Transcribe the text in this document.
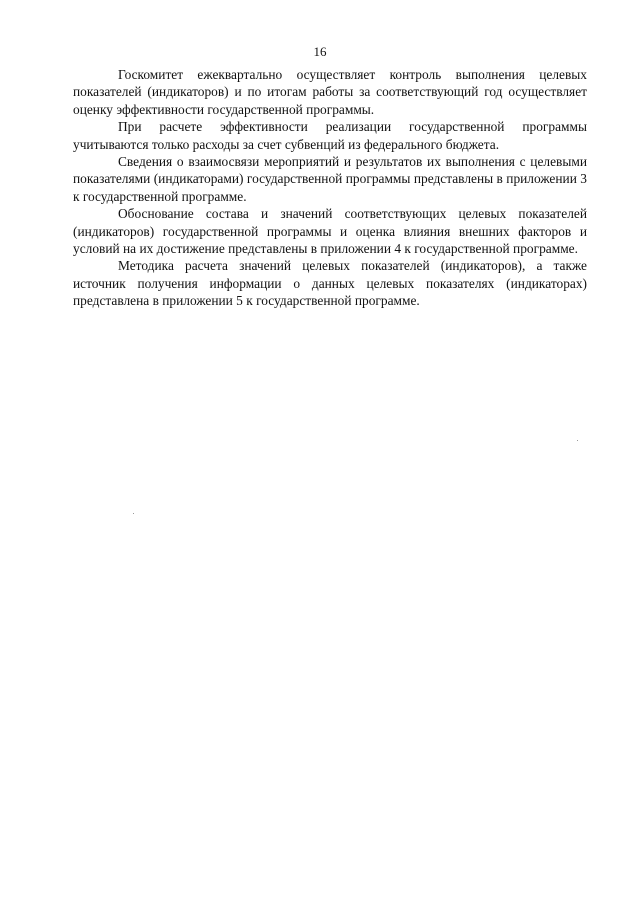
16

Госкомитет ежеквартально осуществляет контроль выполнения целевых показателей (индикаторов) и по итогам работы за соответствующий год осуществляет оценку эффективности государственной программы.

При расчете эффективности реализации государственной программы учитываются только расходы за счет субвенций из федерального бюджета.

Сведения о взаимосвязи мероприятий и результатов их выполнения с целевыми показателями (индикаторами) государственной программы представлены в приложении 3 к государственной программе.

Обоснование состава и значений соответствующих целевых показателей (индикаторов) государственной программы и оценка влияния внешних факторов и условий на их достижение представлены в приложении 4 к государственной программе.

Методика расчета значений целевых показателей (индикаторов), а также источник получения информации о данных целевых показателях (индикаторах) представлена в приложении 5 к государственной программе.
